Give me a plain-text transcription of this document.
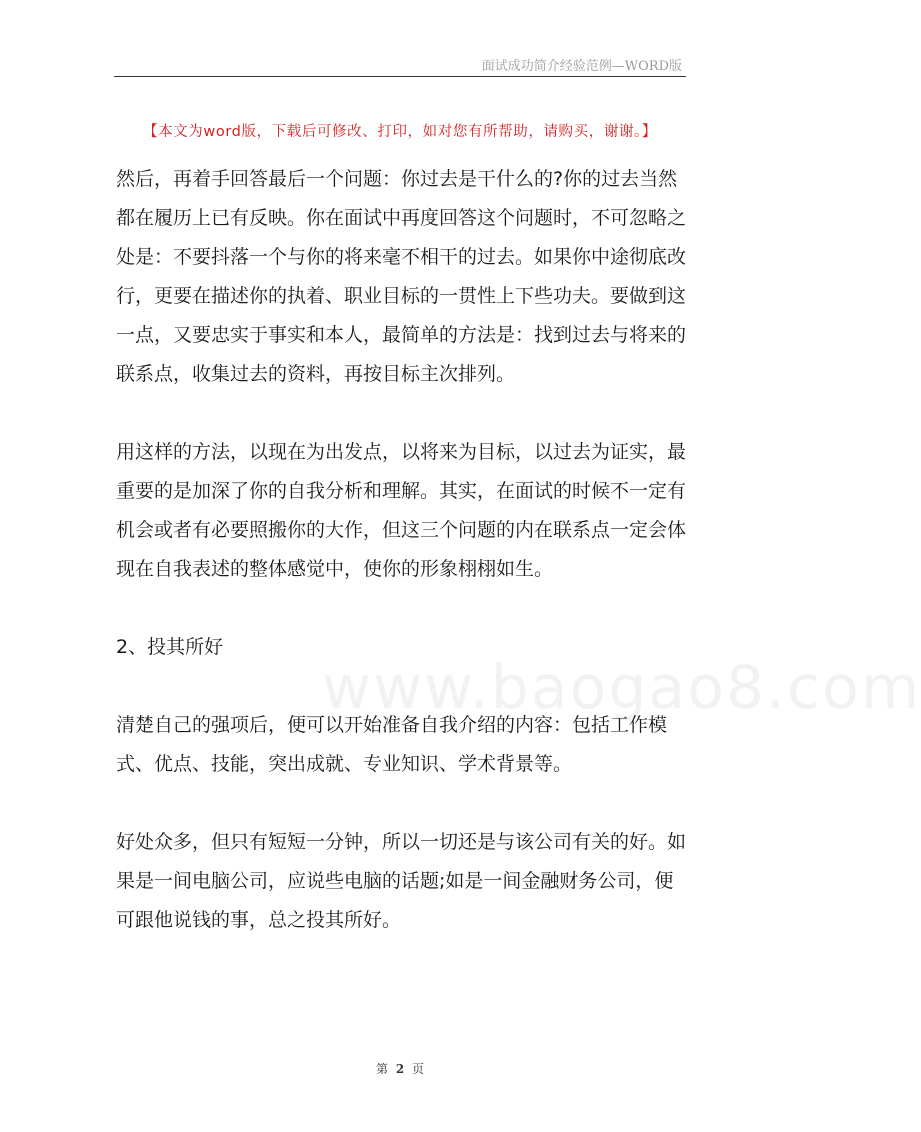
面试成功简介经验范例—WORD版
【本文为word版，下载后可修改、打印，如对您有所帮助，请购买，谢谢。】
www.baogao8.com

然后，再着手回答最后一个问题：你过去是干什么的?你的过去当然都在履历上已有反映。你在面试中再度回答这个问题时，不可忽略之处是：不要抖落一个与你的将来毫不相干的过去。如果你中途彻底改行，更要在描述你的执着、职业目标的一贯性上下些功夫。要做到这一点，又要忠实于事实和本人，最简单的方法是：找到过去与将来的联系点，收集过去的资料，再按目标主次排列。

用这样的方法，以现在为出发点，以将来为目标，以过去为证实，最重要的是加深了你的自我分析和理解。其实，在面试的时候不一定有机会或者有必要照搬你的大作，但这三个问题的内在联系点一定会体现在自我表述的整体感觉中，使你的形象栩栩如生。

2、投其所好

清楚自己的强项后，便可以开始准备自我介绍的内容：包括工作模式、优点、技能，突出成就、专业知识、学术背景等。

好处众多，但只有短短一分钟，所以一切还是与该公司有关的好。如果是一间电脑公司，应说些电脑的话题;如是一间金融财务公司，便可跟他说钱的事，总之投其所好。

第 2 页
